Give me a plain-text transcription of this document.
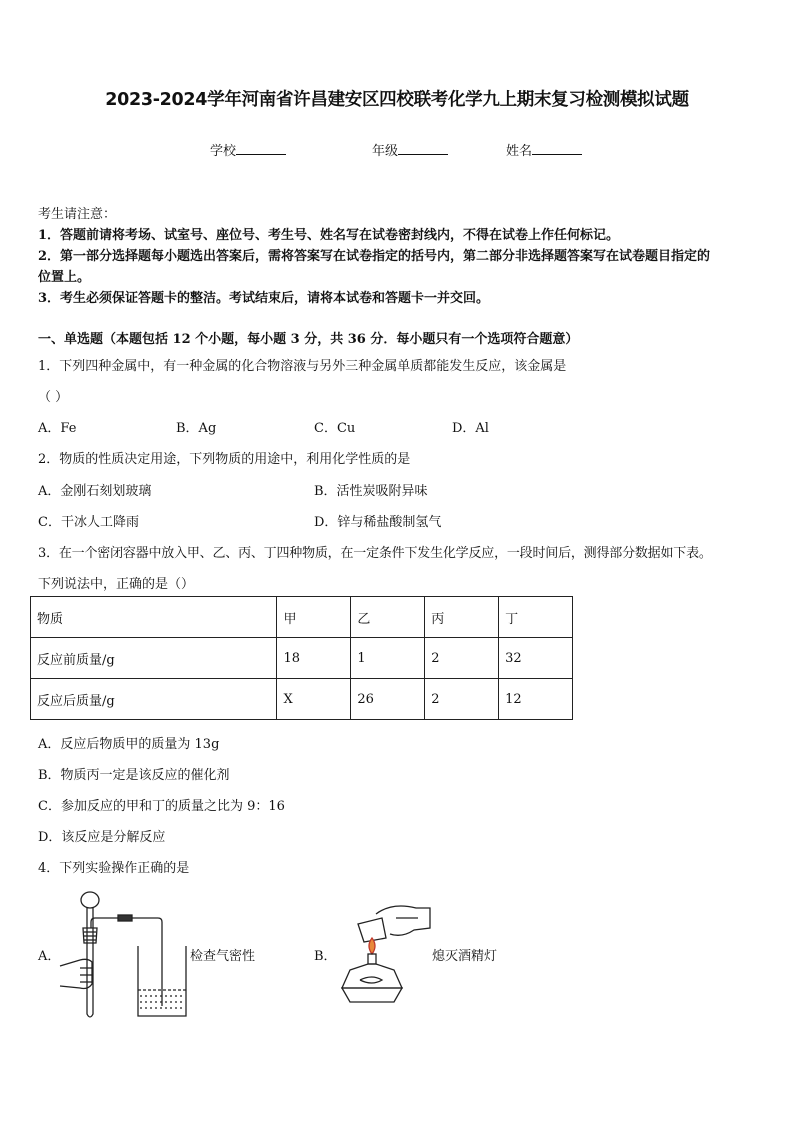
2023-2024学年河南省许昌建安区四校联考化学九上期末复习检测模拟试题
学校	年级	姓名
考生请注意：
1．答题前请将考场、试室号、座位号、考生号、姓名写在试卷密封线内，不得在试卷上作任何标记。
2．第一部分选择题每小题选出答案后，需将答案写在试卷指定的括号内，第二部分非选择题答案写在试卷题目指定的
位置上。
3．考生必须保证答题卡的整洁。考试结束后，请将本试卷和答题卡一并交回。
一、单选题（本题包括 12 个小题，每小题 3 分，共 36 分．每小题只有一个选项符合题意）
1．下列四种金属中，有一种金属的化合物溶液与另外三种金属单质都能发生反应，该金属是
（ ）
A．Fe	B．Ag	C．Cu	D．Al
2．物质的性质决定用途，下列物质的用途中，利用化学性质的是
A．金刚石刻划玻璃	B．活性炭吸附异味
C．干冰人工降雨	D．锌与稀盐酸制氢气
3．在一个密闭容器中放入甲、乙、丙、丁四种物质，在一定条件下发生化学反应，一段时间后，测得部分数据如下表。
下列说法中，正确的是（）
物质	甲	乙	丙	丁
反应前质量/g	18	1	2	32
反应后质量/g	X	26	2	12
A．反应后物质甲的质量为 13g
B．物质丙一定是该反应的催化剂
C．参加反应的甲和丁的质量之比为 9：16
D．该反应是分解反应
4．下列实验操作正确的是
A．	检查气密性	B．	熄灭酒精灯
